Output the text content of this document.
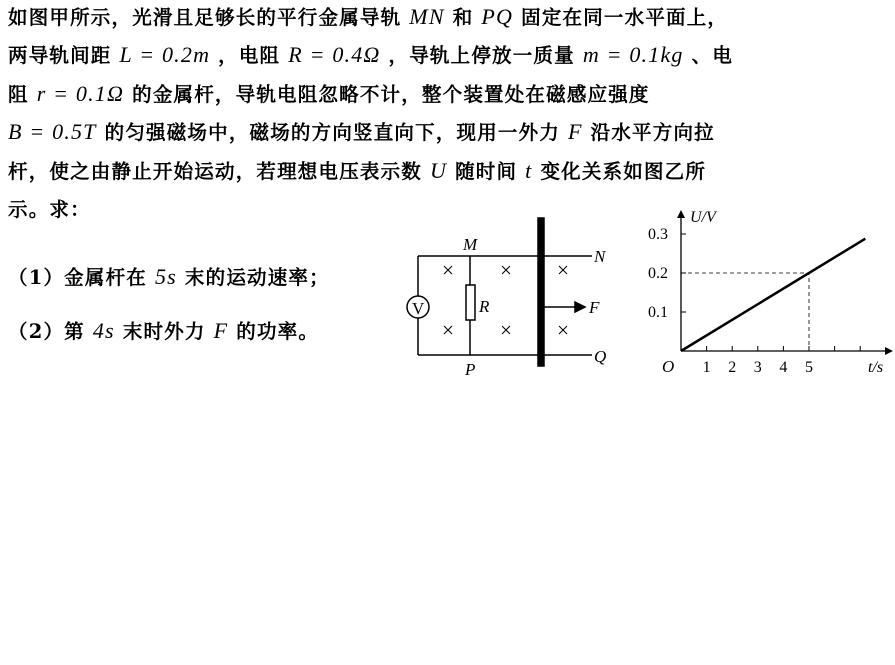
如图甲所示，光滑且足够长的平行金属导轨 MN 和 PQ 固定在同一水平面上，
两导轨间距 L = 0.2m ，电阻 R = 0.4Ω ，导轨上停放一质量 m = 0.1kg 、电
阻 r = 0.1Ω 的金属杆，导轨电阻忽略不计，整个装置处在磁感应强度
B = 0.5T 的匀强磁场中，磁场的方向竖直向下，现用一外力 F 沿水平方向拉
杆，使之由静止开始运动，若理想电压表示数 U 随时间 t 变化关系如图乙所
示。求：
（1）金属杆在 5s 末的运动速率；
（2）第 4s 末时外力 F 的功率。
V
M
N
P
Q
R	F
1 2 3 4 5
0.1
0.2
0.3
O	t/s
U/V
